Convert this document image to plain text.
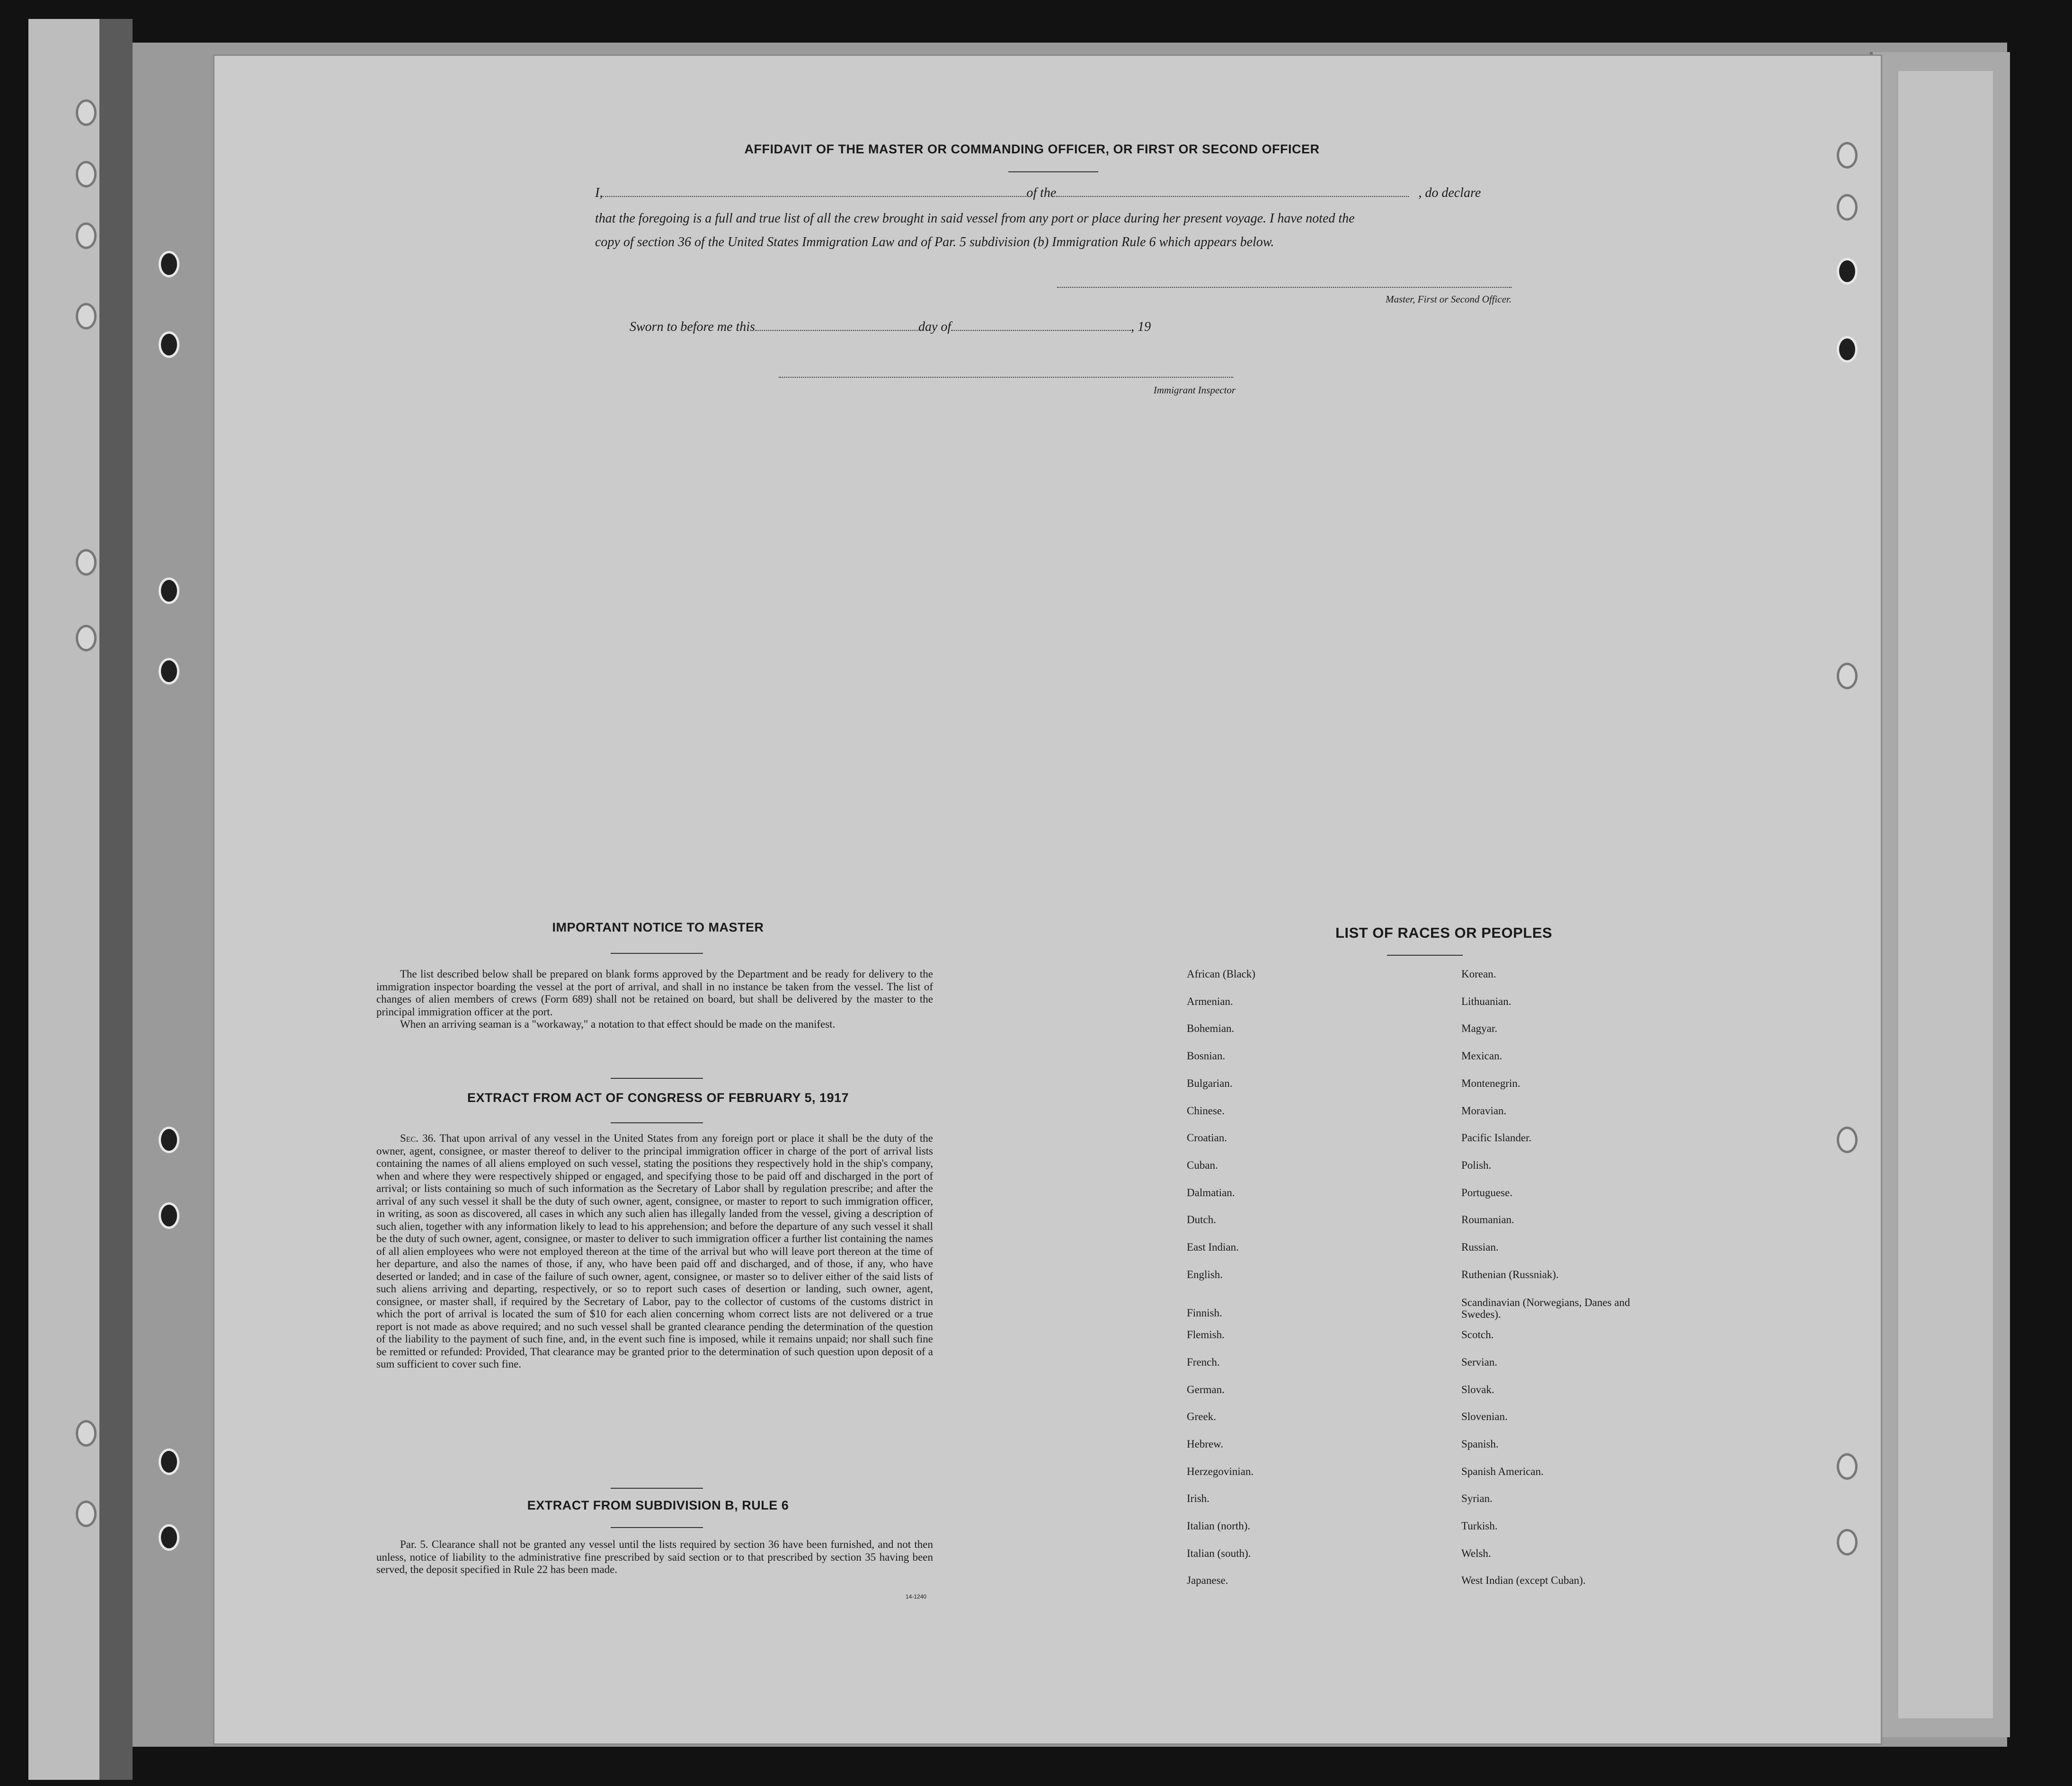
AFFIDAVIT OF THE MASTER OR COMMANDING OFFICER, OR FIRST OR SECOND OFFICER
I,	of the	, do declare
that the foregoing is a full and true list of all the crew brought in said vessel from any port or place during her present voyage. I have noted the
copy of section 36 of the United States Immigration Law and of Par. 5 subdivision (b) Immigration Rule 6 which appears below.
Master, First or Second Officer.
Sworn to before me this	day of	, 19
Immigrant Inspector
IMPORTANT NOTICE TO MASTER

The list described below shall be prepared on blank forms approved by the Department and be ready for delivery to the immigration inspector boarding the vessel at the port of arrival, and shall in no instance be taken from the vessel. The list of changes of alien members of crews (Form 689) shall not be retained on board, but shall be delivered by the master to the principal immigration officer at the port.

When an arriving seaman is a "workaway," a notation to that effect should be made on the manifest.

EXTRACT FROM ACT OF CONGRESS OF FEBRUARY 5, 1917

Sec. 36. That upon arrival of any vessel in the United States from any foreign port or place it shall be the duty of the owner, agent, consignee, or master thereof to deliver to the principal immigration officer in charge of the port of arrival lists containing the names of all aliens employed on such vessel, stating the positions they respectively hold in the ship's company, when and where they were respectively shipped or engaged, and specifying those to be paid off and discharged in the port of arrival; or lists containing so much of such information as the Secretary of Labor shall by regulation prescribe; and after the arrival of any such vessel it shall be the duty of such owner, agent, consignee, or master to report to such immigration officer, in writing, as soon as discovered, all cases in which any such alien has illegally landed from the vessel, giving a description of such alien, together with any information likely to lead to his apprehension; and before the departure of any such vessel it shall be the duty of such owner, agent, consignee, or master to deliver to such immigration officer a further list containing the names of all alien employees who were not employed thereon at the time of the arrival but who will leave port thereon at the time of her departure, and also the names of those, if any, who have been paid off and discharged, and of those, if any, who have deserted or landed; and in case of the failure of such owner, agent, consignee, or master so to deliver either of the said lists of such aliens arriving and departing, respectively, or so to report such cases of desertion or landing, such owner, agent, consignee, or master shall, if required by the Secretary of Labor, pay to the collector of customs of the customs district in which the port of arrival is located the sum of $10 for each alien concerning whom correct lists are not delivered or a true report is not made as above required; and no such vessel shall be granted clearance pending the determination of the question of the liability to the payment of such fine, and, in the event such fine is imposed, while it remains unpaid; nor shall such fine be remitted or refunded: Provided, That clearance may be granted prior to the determination of such question upon deposit of a sum sufficient to cover such fine.

EXTRACT FROM SUBDIVISION B, RULE 6

Par. 5. Clearance shall not be granted any vessel until the lists required by section 36 have been furnished, and not then unless, notice of liability to the administrative fine prescribed by said section or to that prescribed by section 35 having been served, the deposit specified in Rule 22 has been made.

14-1240
LIST OF RACES OR PEOPLES
African (Black)
Armenian.
Bohemian.
Bosnian.
Bulgarian.
Chinese.
Croatian.
Cuban.
Dalmatian.
Dutch.
East Indian.
English.
Finnish.
Flemish.
French.
German.
Greek.
Hebrew.
Herzegovinian.
Irish.
Italian (north).
Italian (south).
Japanese.
Korean.
Lithuanian.
Magyar.
Mexican.
Montenegrin.
Moravian.
Pacific Islander.
Polish.
Portuguese.
Roumanian.
Russian.
Ruthenian (Russniak).
Scandinavian (Norwegians, Danes and Swedes).
Scotch.
Servian.
Slovak.
Slovenian.
Spanish.
Spanish American.
Syrian.
Turkish.
Welsh.
West Indian (except Cuban).
